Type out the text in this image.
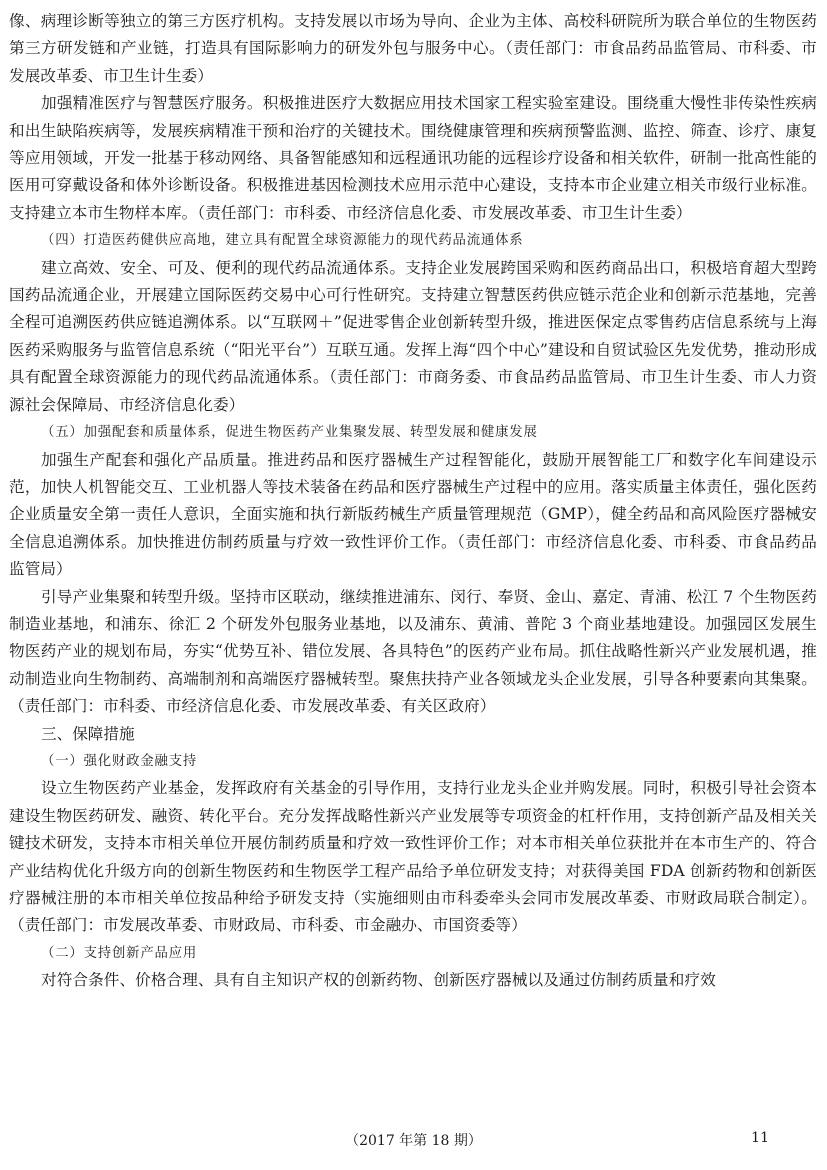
像、病理诊断等独立的第三方医疗机构。支持发展以市场为导向、企业为主体、高校科研院所为联合单位的生物医药第三方研发链和产业链，打造具有国际影响力的研发外包与服务中心。（责任部门：市食品药品监管局、市科委、市发展改革委、市卫生计生委）

加强精准医疗与智慧医疗服务。积极推进医疗大数据应用技术国家工程实验室建设。围绕重大慢性非传染性疾病和出生缺陷疾病等，发展疾病精准干预和治疗的关键技术。围绕健康管理和疾病预警监测、监控、筛查、诊疗、康复等应用领域，开发一批基于移动网络、具备智能感知和远程通讯功能的远程诊疗设备和相关软件，研制一批高性能的医用可穿戴设备和体外诊断设备。积极推进基因检测技术应用示范中心建设，支持本市企业建立相关市级行业标准。支持建立本市生物样本库。（责任部门：市科委、市经济信息化委、市发展改革委、市卫生计生委）

（四）打造医药健供应高地，建立具有配置全球资源能力的现代药品流通体系

建立高效、安全、可及、便利的现代药品流通体系。支持企业发展跨国采购和医药商品出口，积极培育超大型跨国药品流通企业，开展建立国际医药交易中心可行性研究。支持建立智慧医药供应链示范企业和创新示范基地，完善全程可追溯医药供应链追溯体系。以“互联网＋”促进零售企业创新转型升级，推进医保定点零售药店信息系统与上海医药采购服务与监管信息系统（“阳光平台”）互联互通。发挥上海“四个中心”建设和自贸试验区先发优势，推动形成具有配置全球资源能力的现代药品流通体系。（责任部门：市商务委、市食品药品监管局、市卫生计生委、市人力资源社会保障局、市经济信息化委）

（五）加强配套和质量体系，促进生物医药产业集聚发展、转型发展和健康发展

加强生产配套和强化产品质量。推进药品和医疗器械生产过程智能化，鼓励开展智能工厂和数字化车间建设示范，加快人机智能交互、工业机器人等技术装备在药品和医疗器械生产过程中的应用。落实质量主体责任，强化医药企业质量安全第一责任人意识，全面实施和执行新版药械生产质量管理规范（GMP），健全药品和高风险医疗器械安全信息追溯体系。加快推进仿制药质量与疗效一致性评价工作。（责任部门：市经济信息化委、市科委、市食品药品监管局）

引导产业集聚和转型升级。坚持市区联动，继续推进浦东、闵行、奉贤、金山、嘉定、青浦、松江 7 个生物医药制造业基地，和浦东、徐汇 2 个研发外包服务业基地，以及浦东、黄浦、普陀 3 个商业基地建设。加强园区发展生物医药产业的规划布局，夯实“优势互补、错位发展、各具特色”的医药产业布局。抓住战略性新兴产业发展机遇，推动制造业向生物制药、高端制剂和高端医疗器械转型。聚焦扶持产业各领域龙头企业发展，引导各种要素向其集聚。（责任部门：市科委、市经济信息化委、市发展改革委、有关区政府）

三、保障措施

（一）强化财政金融支持

设立生物医药产业基金，发挥政府有关基金的引导作用，支持行业龙头企业并购发展。同时，积极引导社会资本建设生物医药研发、融资、转化平台。充分发挥战略性新兴产业发展等专项资金的杠杆作用，支持创新产品及相关关键技术研发，支持本市相关单位开展仿制药质量和疗效一致性评价工作；对本市相关单位获批并在本市生产的、符合产业结构优化升级方向的创新生物医药和生物医学工程产品给予单位研发支持；对获得美国 FDA 创新药物和创新医疗器械注册的本市相关单位按品种给予研发支持（实施细则由市科委牵头会同市发展改革委、市财政局联合制定）。（责任部门：市发展改革委、市财政局、市科委、市金融办、市国资委等）

（二）支持创新产品应用

对符合条件、价格合理、具有自主知识产权的创新药物、创新医疗器械以及通过仿制药质量和疗效

（2017 年第 18 期）	11
